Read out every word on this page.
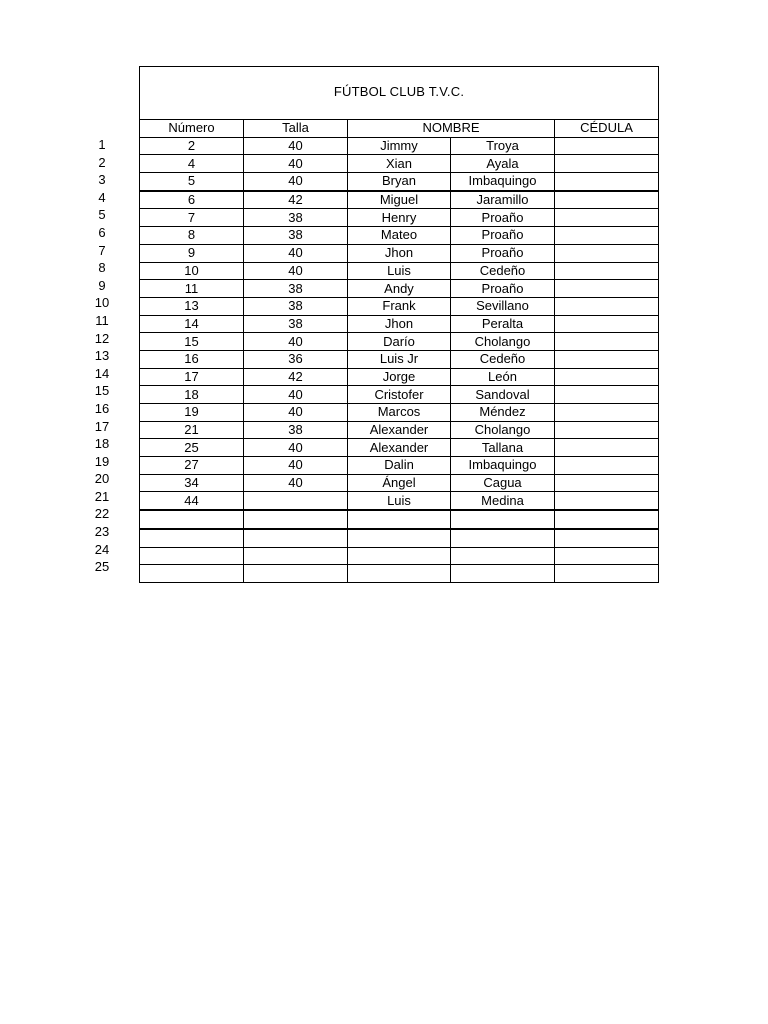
FÚTBOL CLUB T.V.C.
1
2
3
4
5
6
7
8
9
10
11
12
13
14
15
16
17
18
19
20
21
22
23
24
25
Número	Talla	NOMBRE		CÉDULA
2	40	Jimmy	Troya	
4	40	Xian	Ayala	
5	40	Bryan	Imbaquingo	
6	42	Miguel	Jaramillo	
7	38	Henry	Proaño	
8	38	Mateo	Proaño	
9	40	Jhon	Proaño	
10	40	Luis	Cedeño	
11	38	Andy	Proaño	
13	38	Frank	Sevillano	
14	38	Jhon	Peralta	
15	40	Darío	Cholango	
16	36	Luis Jr	Cedeño	
17	42	Jorge	León	
18	40	Cristofer	Sandoval	
19	40	Marcos	Méndez	
21	38	Alexander	Cholango	
25	40	Alexander	Tallana	
27	40	Dalin	Imbaquingo	
34	40	Ángel	Cagua	
44		Luis	Medina	
